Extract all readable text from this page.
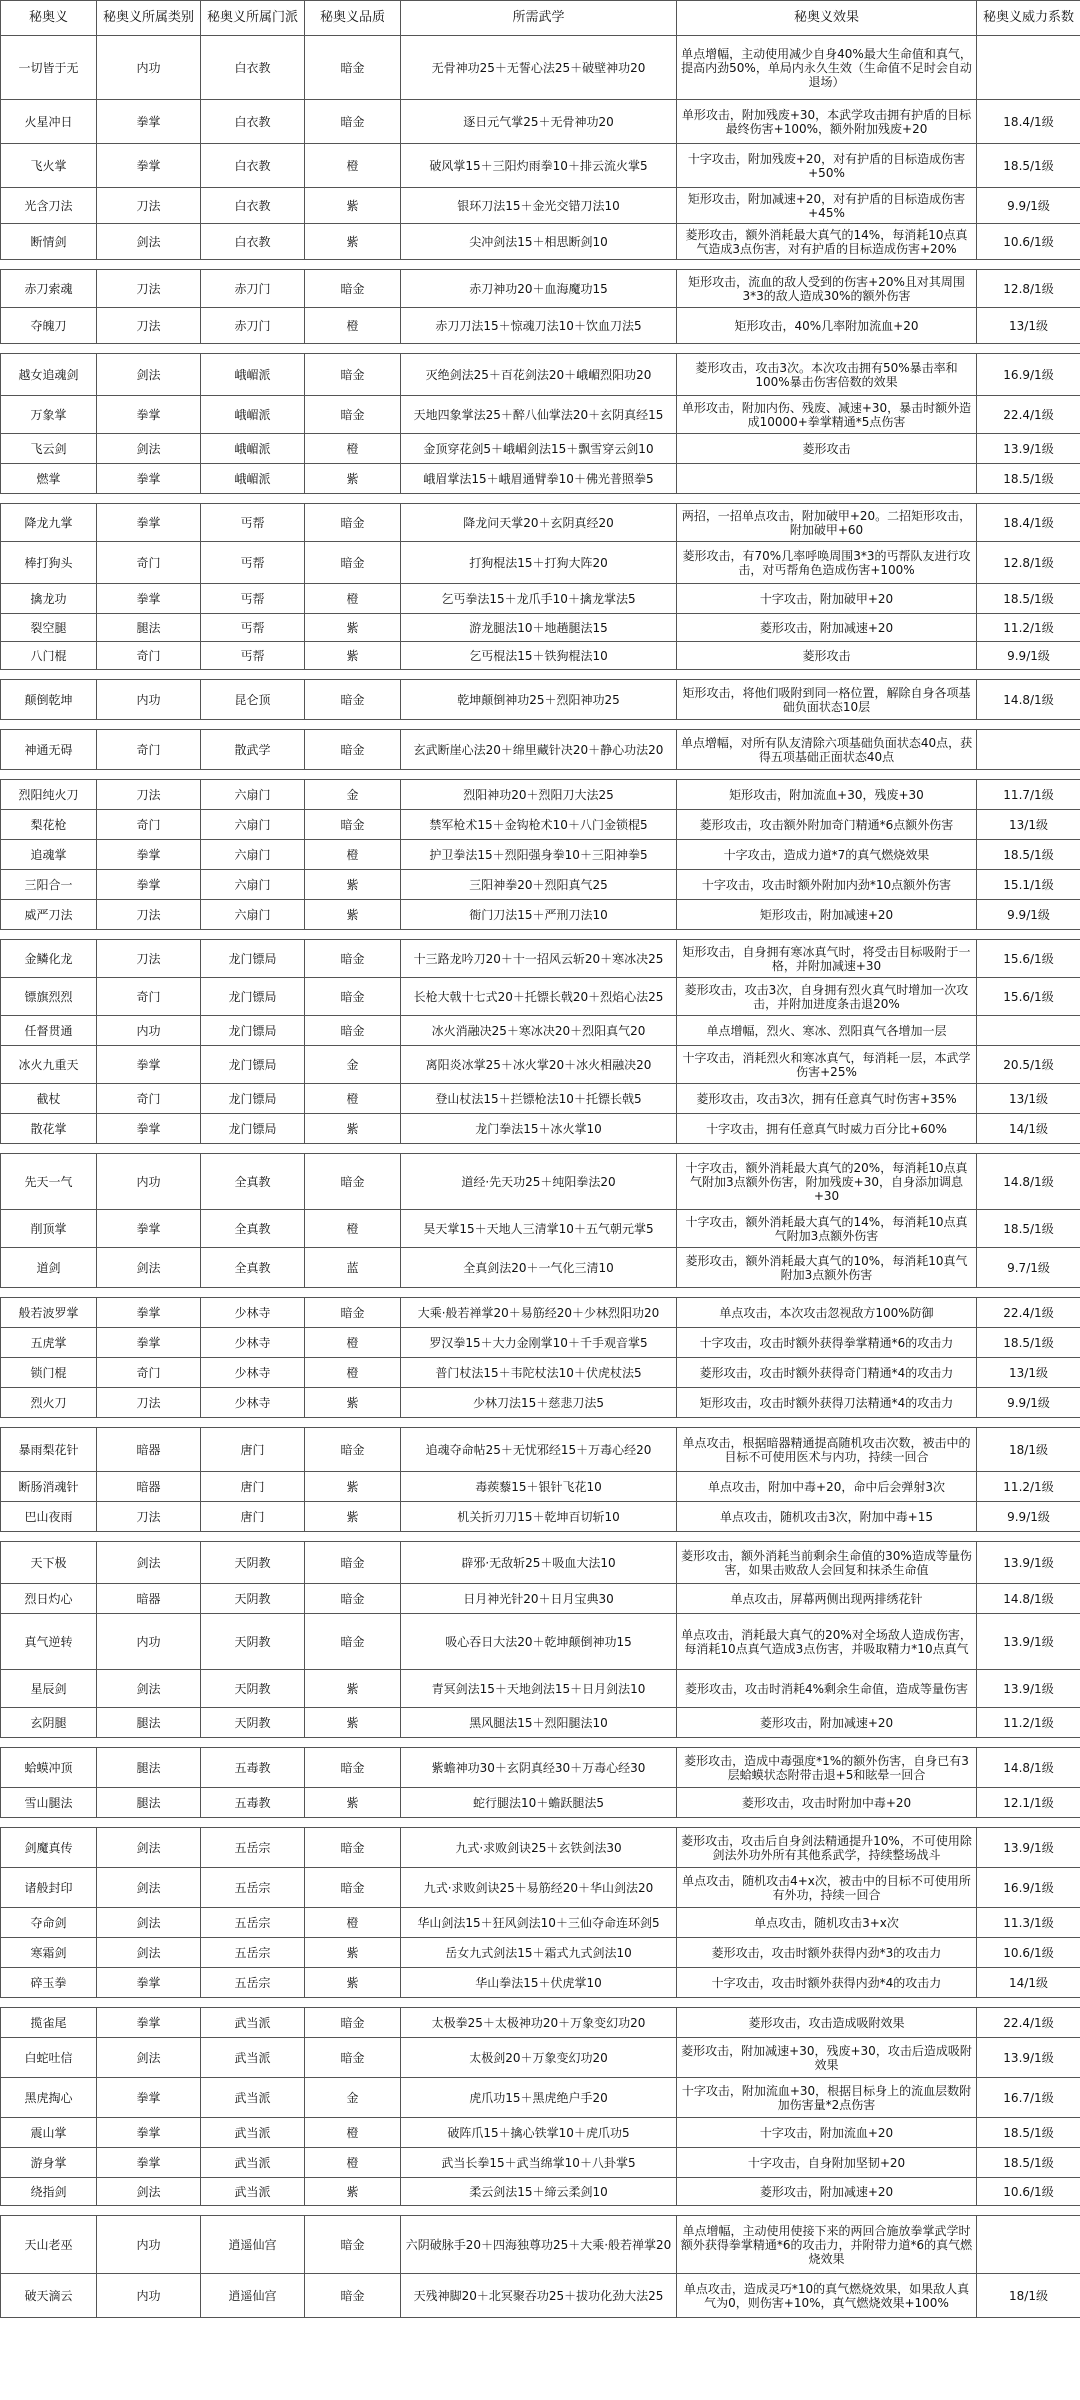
秘奥义	秘奥义所属类别	秘奥义所属门派	秘奥义品质	所需武学	秘奥义效果	秘奥义威力系数
一切皆于无	内功	白衣教	暗金	无骨神功25＋无誓心法25＋破壁神功20	单点增幅，主动使用减少自身40%最大生命值和真气，提高内劲50%，单局内永久生效（生命值不足时会自动退场）	
火星冲日	拳掌	白衣教	暗金	逐日元气掌25＋无骨神功20	单形攻击，附加残废+30，本武学攻击拥有护盾的目标最终伤害+100%，额外附加残废+20	18.4/1级
飞火掌	拳掌	白衣教	橙	破风掌15＋三阳灼雨拳10＋排云流火掌5	十字攻击，附加残废+20，对有护盾的目标造成伤害+50%	18.5/1级
光含刀法	刀法	白衣教	紫	银环刀法15＋金光交错刀法10	矩形攻击，附加减速+20，对有护盾的目标造成伤害+45%	9.9/1级
断情剑	剑法	白衣教	紫	尖冲剑法15＋相思断剑10	菱形攻击，额外消耗最大真气的14%，每消耗10点真气造成3点伤害，对有护盾的目标造成伤害+20%	10.6/1级

赤刀索魂	刀法	赤刀门	暗金	赤刀神功20＋血海魔功15	矩形攻击，流血的敌人受到的伤害+20%且对其周围3*3的敌人造成30%的额外伤害	12.8/1级
夺魄刀	刀法	赤刀门	橙	赤刀刀法15＋惊魂刀法10＋饮血刀法5	矩形攻击，40%几率附加流血+20	13/1级

越女追魂剑	剑法	峨嵋派	暗金	灭绝剑法25＋百花剑法20＋峨嵋烈阳功20	菱形攻击，攻击3次。本次攻击拥有50%暴击率和100%暴击伤害倍数的效果	16.9/1级
万象掌	拳掌	峨嵋派	暗金	天地四象掌法25＋醉八仙掌法20＋玄阴真经15	单形攻击，附加内伤、残废、减速+30，暴击时额外造成10000+拳掌精通*5点伤害	22.4/1级
飞云剑	剑法	峨嵋派	橙	金顶穿花剑5＋峨嵋剑法15＋飘雪穿云剑10	菱形攻击	13.9/1级
燃掌	拳掌	峨嵋派	紫	峨眉掌法15＋峨眉通臂拳10＋佛光普照拳5		18.5/1级

降龙九掌	拳掌	丐帮	暗金	降龙问天掌20＋玄阴真经20	两招，一招单点攻击，附加破甲+20。二招矩形攻击，附加破甲+60	18.4/1级
棒打狗头	奇门	丐帮	暗金	打狗棍法15＋打狗大阵20	菱形攻击，有70%几率呼唤周围3*3的丐帮队友进行攻击，对丐帮角色造成伤害+100%	12.8/1级
擒龙功	拳掌	丐帮	橙	乞丐拳法15＋龙爪手10＋擒龙掌法5	十字攻击，附加破甲+20	18.5/1级
裂空腿	腿法	丐帮	紫	游龙腿法10＋地趟腿法15	菱形攻击，附加减速+20	11.2/1级
八门棍	奇门	丐帮	紫	乞丐棍法15＋铁狗棍法10	菱形攻击	9.9/1级

颠倒乾坤	内功	昆仑顶	暗金	乾坤颠倒神功25＋烈阳神功25	矩形攻击，将他们吸附到同一格位置，解除自身各项基础负面状态10层	14.8/1级

神通无碍	奇门	散武学	暗金	玄武断崖心法20＋绵里藏针决20＋静心功法20	单点增幅，对所有队友清除六项基础负面状态40点，获得五项基础正面状态40点	

烈阳纯火刀	刀法	六扇门	金	烈阳神功20＋烈阳刀大法25	矩形攻击，附加流血+30，残废+30	11.7/1级
梨花枪	奇门	六扇门	暗金	禁军枪术15＋金钩枪术10＋八门金锁棍5	菱形攻击，攻击额外附加奇门精通*6点额外伤害	13/1级
追魂掌	拳掌	六扇门	橙	护卫拳法15＋烈阳强身拳10＋三阳神拳5	十字攻击，造成力道*7的真气燃烧效果	18.5/1级
三阳合一	拳掌	六扇门	紫	三阳神拳20＋烈阳真气25	十字攻击，攻击时额外附加内劲*10点额外伤害	15.1/1级
威严刀法	刀法	六扇门	紫	衙门刀法15＋严刑刀法10	矩形攻击，附加减速+20	9.9/1级

金鳞化龙	刀法	龙门镖局	暗金	十三路龙吟刀20＋十一招风云斩20＋寒冰决25	矩形攻击，自身拥有寒冰真气时，将受击目标吸附于一格，并附加减速+30	15.6/1级
镖旗烈烈	奇门	龙门镖局	暗金	长枪大戟十七式20＋托镖长戟20＋烈焰心法25	菱形攻击，攻击3次，自身拥有烈火真气时增加一次攻击，并附加进度条击退20%	15.6/1级
任督贯通	内功	龙门镖局	暗金	冰火消融决25＋寒冰决20＋烈阳真气20	单点增幅，烈火、寒冰、烈阳真气各增加一层	
冰火九重天	拳掌	龙门镖局	金	离阳炎冰掌25＋冰火掌20＋冰火相融决20	十字攻击，消耗烈火和寒冰真气，每消耗一层，本武学伤害+25%	20.5/1级
截杖	奇门	龙门镖局	橙	登山杖法15＋拦镖枪法10＋托镖长戟5	菱形攻击，攻击3次，拥有任意真气时伤害+35%	13/1级
散花掌	拳掌	龙门镖局	紫	龙门拳法15＋冰火掌10	十字攻击，拥有任意真气时威力百分比+60%	14/1级

先天一气	内功	全真教	暗金	道经·先天功25＋纯阳拳法20	十字攻击，额外消耗最大真气的20%，每消耗10点真气附加3点额外伤害，附加残废+30，自身添加调息+30	14.8/1级
削顶掌	拳掌	全真教	橙	昊天掌15＋天地人三清掌10＋五气朝元掌5	十字攻击，额外消耗最大真气的14%，每消耗10点真气附加3点额外伤害	18.5/1级
道剑	剑法	全真教	蓝	全真剑法20＋一气化三清10	菱形攻击，额外消耗最大真气的10%，每消耗10真气附加3点额外伤害	9.7/1级

般若波罗掌	拳掌	少林寺	暗金	大乘·般若禅掌20＋易筋经20＋少林烈阳功20	单点攻击，本次攻击忽视敌方100%防御	22.4/1级
五虎掌	拳掌	少林寺	橙	罗汉拳15＋大力金刚掌10＋千手观音掌5	十字攻击，攻击时额外获得拳掌精通*6的攻击力	18.5/1级
锁门棍	奇门	少林寺	橙	普门杖法15＋韦陀杖法10＋伏虎杖法5	菱形攻击，攻击时额外获得奇门精通*4的攻击力	13/1级
烈火刀	刀法	少林寺	紫	少林刀法15＋慈悲刀法5	矩形攻击，攻击时额外获得刀法精通*4的攻击力	9.9/1级

暴雨梨花针	暗器	唐门	暗金	追魂夺命帖25＋无忧邪经15＋万毒心经20	单点攻击，根据暗器精通提高随机攻击次数，被击中的目标不可使用医术与内功，持续一回合	18/1级
断肠消魂针	暗器	唐门	紫	毒蒺藜15＋银针飞花10	单点攻击，附加中毒+20，命中后会弹射3次	11.2/1级
巴山夜雨	刀法	唐门	紫	机关折刃刀15＋乾坤百切斩10	单点攻击，随机攻击3次，附加中毒+15	9.9/1级

天下极	剑法	天阴教	暗金	辟邪·无敌斩25＋吸血大法10	菱形攻击，额外消耗当前剩余生命值的30%造成等量伤害，如果击败敌人会回复和抹杀生命值	13.9/1级
烈日灼心	暗器	天阴教	暗金	日月神光针20＋日月宝典30	单点攻击，屏幕两侧出现两排绣花针	14.8/1级
真气逆转	内功	天阴教	暗金	吸心吞日大法20＋乾坤颠倒神功15	单点攻击，消耗最大真气的20%对全场敌人造成伤害，每消耗10点真气造成3点伤害，并吸取精力*10点真气	13.9/1级
星辰剑	剑法	天阴教	紫	青冥剑法15＋天地剑法15＋日月剑法10	菱形攻击，攻击时消耗4%剩余生命值，造成等量伤害	13.9/1级
玄阴腿	腿法	天阴教	紫	黑风腿法15＋烈阳腿法10	菱形攻击，附加减速+20	11.2/1级

蛤蟆冲顶	腿法	五毒教	暗金	紫蟾神功30＋玄阴真经30＋万毒心经30	菱形攻击，造成中毒强度*1%的额外伤害，自身已有3层蛤蟆状态附带击退+5和眩晕一回合	14.8/1级
雪山腿法	腿法	五毒教	紫	蛇行腿法10＋蟾跃腿法5	菱形攻击，攻击时附加中毒+20	12.1/1级

剑魔真传	剑法	五岳宗	暗金	九式·求败剑诀25＋玄铁剑法30	菱形攻击，攻击后自身剑法精通提升10%，不可使用除剑法外功外所有其他系武学，持续整场战斗	13.9/1级
诸般封印	剑法	五岳宗	暗金	九式·求败剑诀25＋易筋经20＋华山剑法20	单点攻击，随机攻击4+x次，被击中的目标不可使用所有外功，持续一回合	16.9/1级
夺命剑	剑法	五岳宗	橙	华山剑法15＋狂风剑法10＋三仙夺命连环剑5	单点攻击，随机攻击3+x次	11.3/1级
寒霜剑	剑法	五岳宗	紫	岳女九式剑法15＋霜式九式剑法10	菱形攻击，攻击时额外获得内劲*3的攻击力	10.6/1级
碎玉拳	拳掌	五岳宗	紫	华山拳法15＋伏虎掌10	十字攻击，攻击时额外获得内劲*4的攻击力	14/1级

揽雀尾	拳掌	武当派	暗金	太极拳25＋太极神功20＋万象变幻功20	菱形攻击，攻击造成吸附效果	22.4/1级
白蛇吐信	剑法	武当派	暗金	太极剑20＋万象变幻功20	菱形攻击，附加减速+30，残废+30，攻击后造成吸附效果	13.9/1级
黑虎掏心	拳掌	武当派	金	虎爪功15＋黑虎绝户手20	十字攻击，附加流血+30，根据目标身上的流血层数附加伤害量*2点伤害	16.7/1级
震山掌	拳掌	武当派	橙	破阵爪15＋擒心铁掌10＋虎爪功5	十字攻击，附加流血+20	18.5/1级
游身掌	拳掌	武当派	橙	武当长拳15＋武当绵掌10＋八卦掌5	十字攻击，自身附加坚韧+20	18.5/1级
绕指剑	剑法	武当派	紫	柔云剑法15＋缔云柔剑10	菱形攻击，附加减速+20	10.6/1级

天山老巫	内功	逍遥仙宫	暗金	六阴破脉手20＋四海独尊功25＋大乘·般若禅掌20	单点增幅，主动使用使接下来的两回合施放拳掌武学时额外获得拳掌精通*6的攻击力，并附带力道*6的真气燃烧效果	
破天滴云	内功	逍遥仙宫	暗金	天残神脚20＋北冥聚吞功25＋拔功化劲大法25	单点攻击，造成灵巧*10的真气燃烧效果，如果敌人真气为0，则伤害+10%，真气燃烧效果+100%	18/1级
